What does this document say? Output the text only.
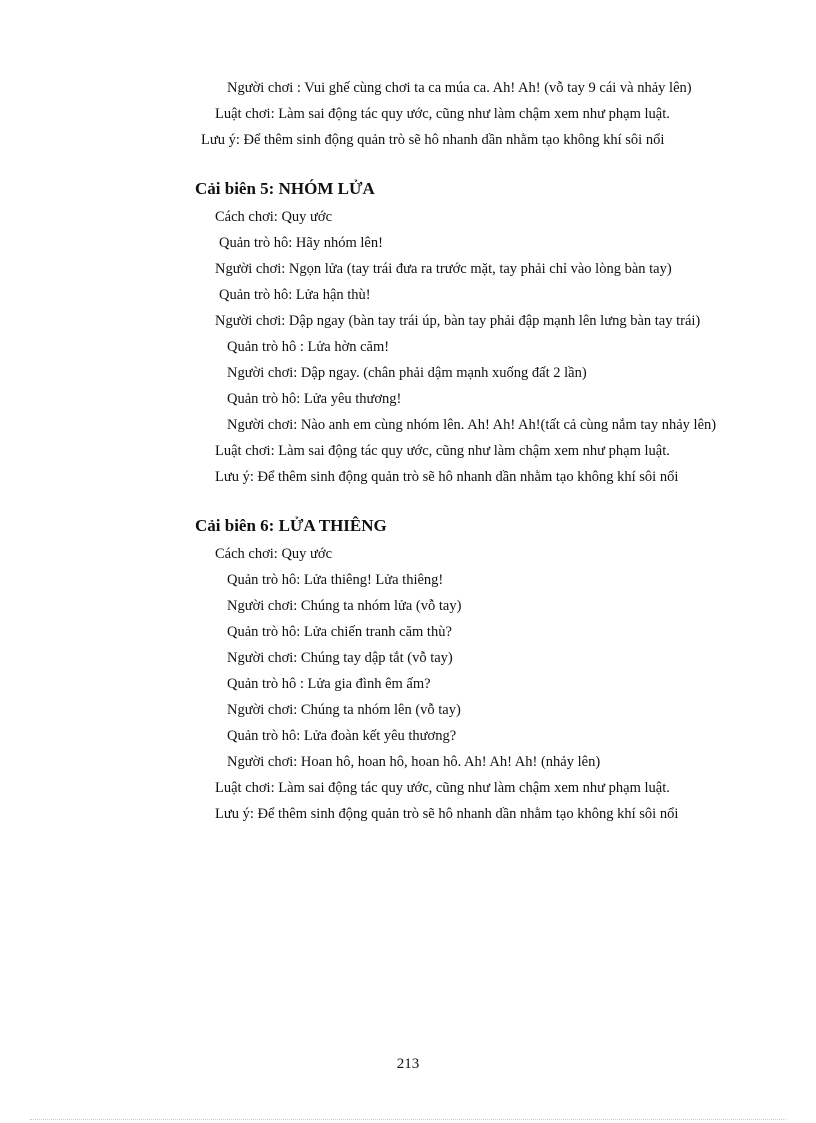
Người chơi : Vui ghế cùng chơi ta ca múa ca. Ah! Ah! (vỗ tay 9 cái và nhảy lên)

Luật chơi: Làm sai động tác quy ước, cũng như làm chậm xem như phạm luật.

Lưu ý: Để thêm sinh động quản trò sẽ hô nhanh dần nhằm tạo không khí sôi nổi

Cải biên 5: NHÓM LỬA

Cách chơi: Quy ước

Quản trò hô: Hãy nhóm lên!

Người chơi: Ngọn lửa (tay trái đưa ra trước mặt, tay phải chỉ vào lòng bàn tay)

Quản trò hô: Lửa hận thù!

Người chơi: Dập ngay (bàn tay trái úp, bàn tay phải đập mạnh lên lưng bàn tay trái)

Quản trò hô : Lửa hờn căm!

Người chơi: Dập ngay. (chân phải dậm mạnh xuống đất 2 lần)

Quản trò hô: Lửa yêu thương!

Người chơi: Nào anh em cùng nhóm lên. Ah! Ah! Ah!(tất cả cùng nắm tay nhảy lên)

Luật chơi: Làm sai động tác quy ước, cũng như làm chậm xem như phạm luật.

Lưu ý: Để thêm sinh động quản trò sẽ hô nhanh dần nhằm tạo không khí sôi nổi

Cải biên 6: LỬA THIÊNG

Cách chơi: Quy ước

Quản trò hô: Lửa thiêng! Lửa thiêng!

Người chơi: Chúng ta nhóm lửa (vỗ tay)

Quản trò hô: Lửa chiến tranh căm thù?

Người chơi: Chúng tay dập tắt (vỗ tay)

Quản trò hô : Lửa gia đình êm ấm?

Người chơi: Chúng ta nhóm lên (vỗ tay)

Quản trò hô: Lửa đoàn kết yêu thương?

Người chơi: Hoan hô, hoan hô, hoan hô. Ah! Ah! Ah! (nhảy lên)

Luật chơi: Làm sai động tác quy ước, cũng như làm chậm xem như phạm luật.

Lưu ý: Để thêm sinh động quản trò sẽ hô nhanh dần nhằm tạo không khí sôi nổi

213
